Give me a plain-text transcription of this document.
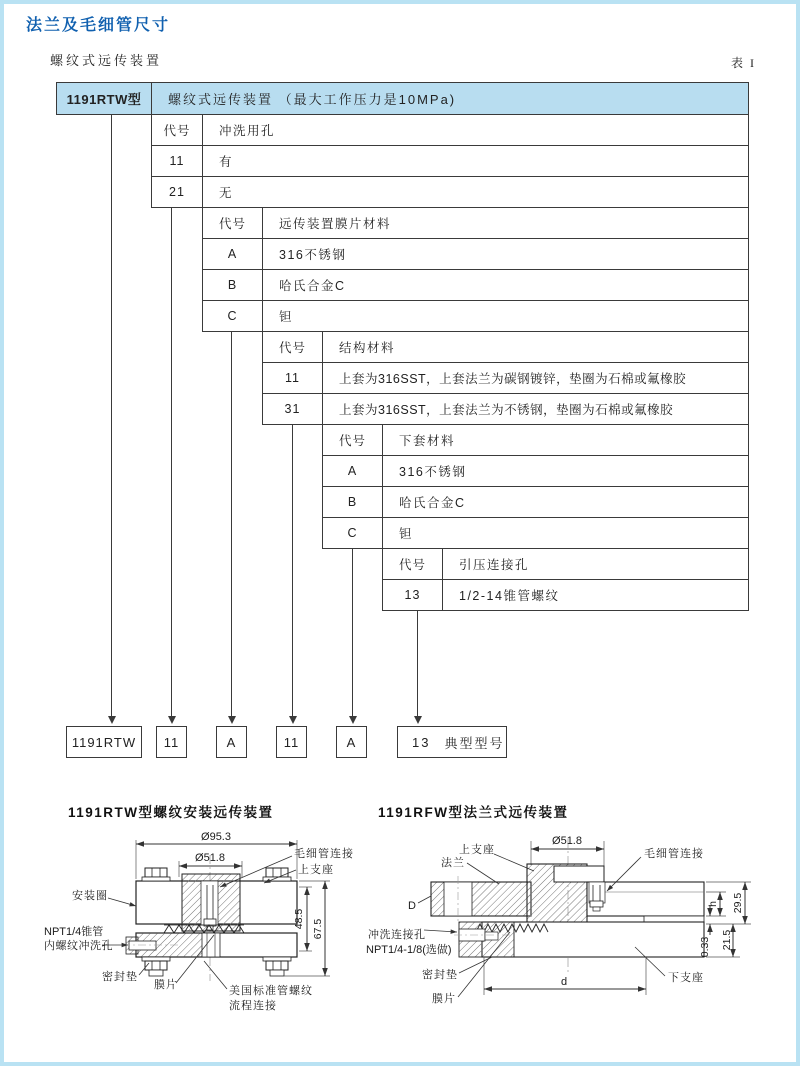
法兰及毛细管尺寸
螺纹式远传装置	表 I
1191RTW型	螺纹式远传装置 （最大工作压力是10MPa)
代号	冲洗用孔
11	有
21	无
代号	远传装置膜片材料
A	316不锈钢
B	哈氏合金C
C	钽
代号	结构材料
11	上套为316SST，上套法兰为碳钢镀锌，垫圈为石棉或氟橡胶
31	上套为316SST，上套法兰为不锈钢，垫圈为石棉或氟橡胶
代号	下套材料
A	316不锈钢
B	哈氏合金C
C	钽
代号	引压连接孔
13	1/2-14锥管螺纹
1191RTW	11	A	11	A	13 典型型号
1191RTW型螺纹安装远传装置	1191RFW型法兰式远传装置
Ø95.3
Ø51.8
48.5 67.5
毛细管连接
上支座
安装圈
NPT1/4锥管
内螺纹冲洗孔
密封垫
膜片	美国标准管螺纹
流程连接
Ø51.8
h 29.5
0.33 21.5
d
上支座
法兰
毛细管连接
D
冲洗连接孔
NPT1/4-1/8(选做)
密封垫
膜片
下支座
